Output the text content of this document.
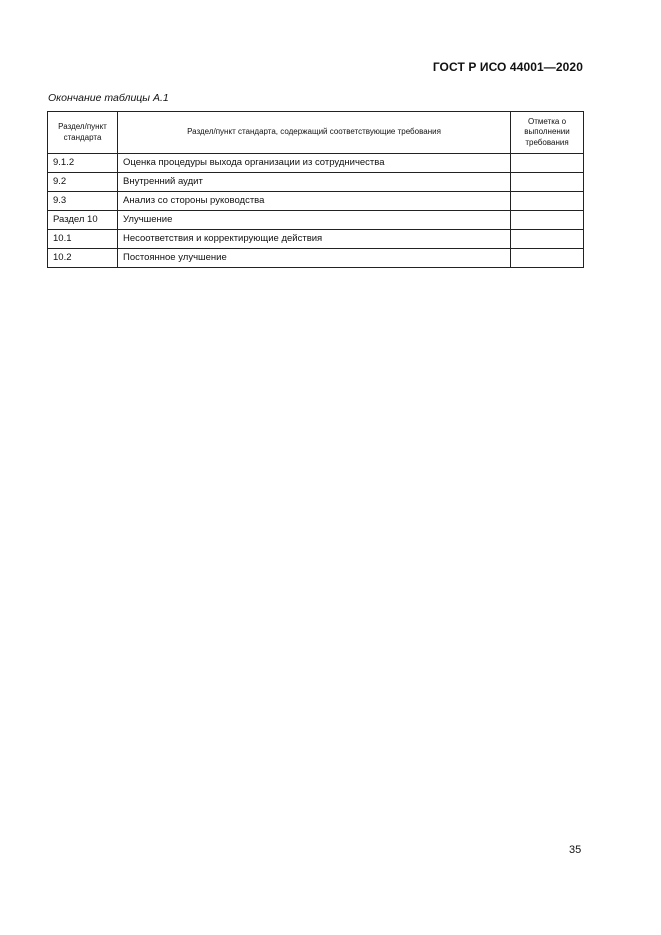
ГОСТ Р ИСО 44001—2020
Окончание таблицы А.1
Раздел/пункт стандарта	Раздел/пункт стандарта, содержащий соответствующие требования	Отметка о выполнении требования
9.1.2	Оценка процедуры выхода организации из сотрудничества	
9.2	Внутренний аудит	
9.3	Анализ со стороны руководства	
Раздел 10	Улучшение	
10.1	Несоответствия и корректирующие действия	
10.2	Постоянное улучшение	
35
